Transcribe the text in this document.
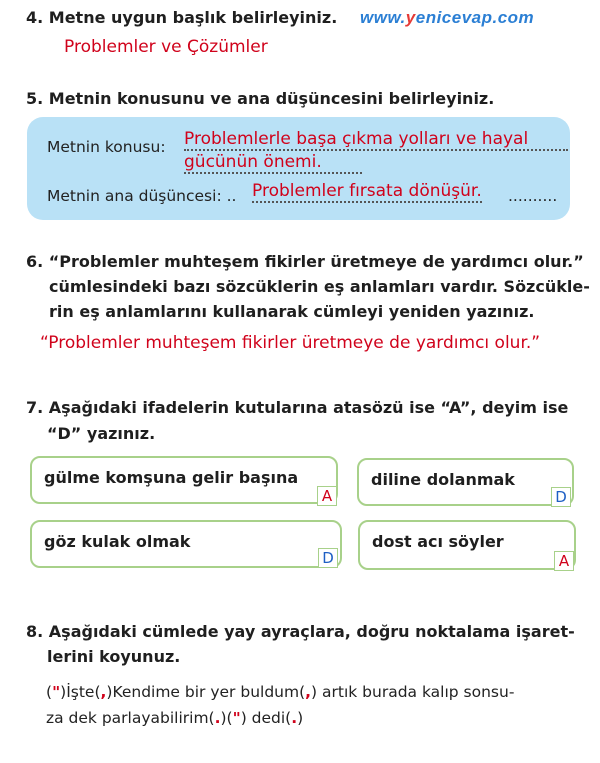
4. Metne uygun başlık belirleyiniz. www.yenicevap.com
Problemler ve Çözümler
5. Metnin konusunu ve ana düşüncesini belirleyiniz.
Metnin konusu: Problemlerle başa çıkma yolları ve hayal
gücünün önemi.
Metnin ana düşüncesi: .. Problemler fırsata dönüşür. ..........
6. “Problemler muhteşem fikirler üretmeye de yardımcı olur.”
cümlesindeki bazı sözcüklerin eş anlamları vardır. Sözcükle-
rin eş anlamlarını kullanarak cümleyi yeniden yazınız.
“Problemler muhteşem fikirler üretmeye de yardımcı olur.”
7. Aşağıdaki ifadelerin kutularına atasözü ise “A”, deyim ise
“D” yazınız.
gülme komşuna gelir başına
A
diline dolanmak
D
göz kulak olmak
D
dost acı söyler
A
8. Aşağıdaki cümlede yay ayraçlara, doğru noktalama işaret-
lerini koyunuz.
(")İşte(,)Kendime bir yer buldum(,) artık burada kalıp sonsu-
za dek parlayabilirim(.)(") dedi(.)
